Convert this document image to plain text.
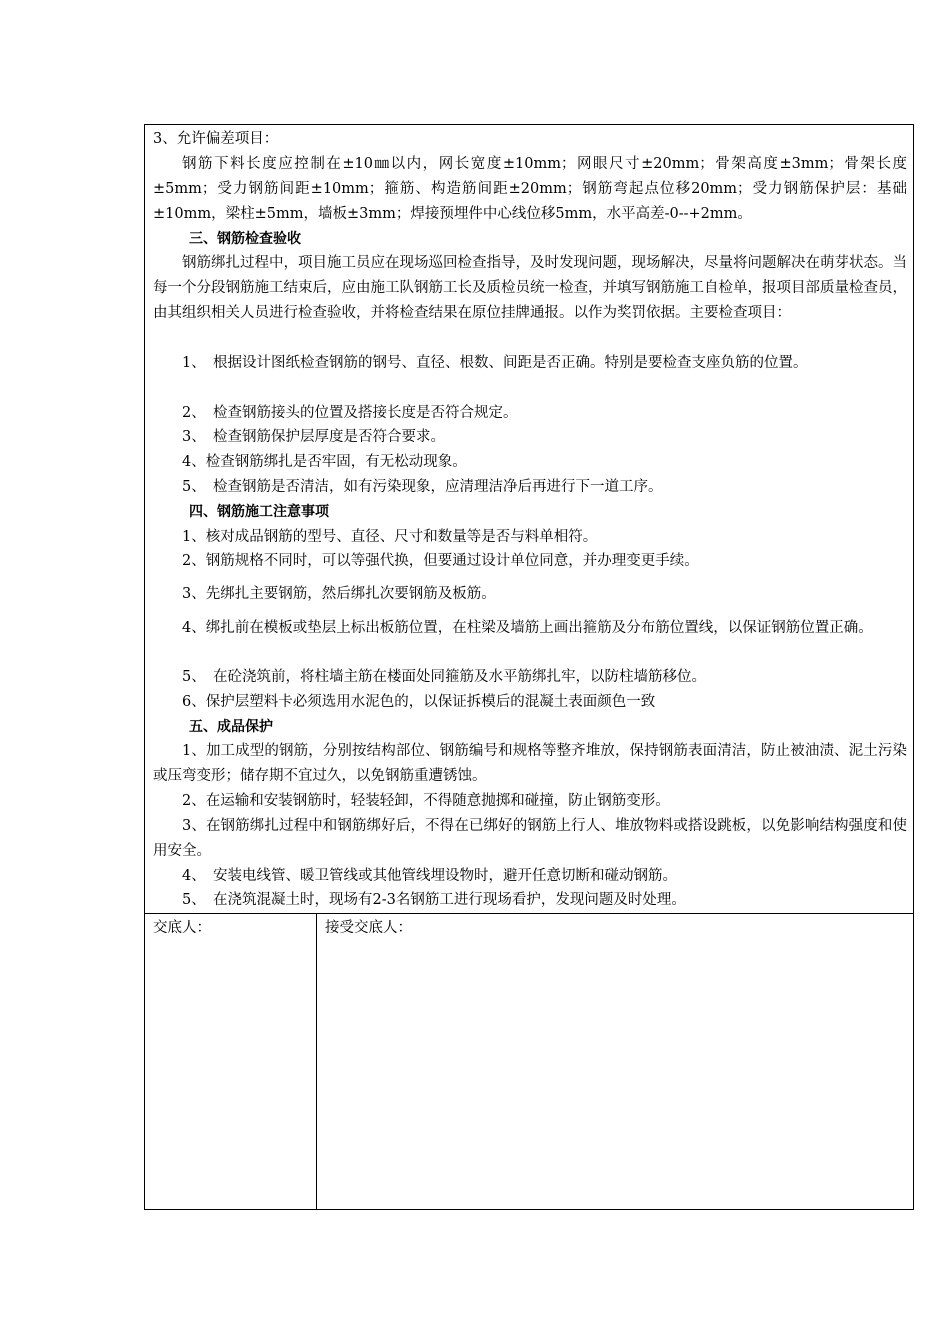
3、允许偏差项目：
钢筋下料长度应控制在±10㎜以内，网长宽度±10mm；网眼尺寸±20mm；骨架高度±3mm；骨架长度±5mm；受力钢筋间距±10mm；箍筋、构造筋间距±20mm；钢筋弯起点位移20mm；受力钢筋保护层：基础±10mm，梁柱±5mm，墙板±3mm；焊接预埋件中心线位移5mm，水平高差-0--+2mm。
三、钢筋检查验收
钢筋绑扎过程中，项目施工员应在现场巡回检查指导，及时发现问题，现场解决，尽量将问题解决在萌芽状态。当每一个分段钢筋施工结束后，应由施工队钢筋工长及质检员统一检查，并填写钢筋施工自检单，报项目部质量检查员，由其组织相关人员进行检查验收，并将检查结果在原位挂牌通报。以作为奖罚依据。主要检查项目：
1、　根据设计图纸检查钢筋的钢号、直径、根数、间距是否正确。特别是要检查支座负筋的位置。
2、　检查钢筋接头的位置及搭接长度是否符合规定。
3、　检查钢筋保护层厚度是否符合要求。
4、检查钢筋绑扎是否牢固，有无松动现象。
5、　检查钢筋是否清洁，如有污染现象，应清理洁净后再进行下一道工序。
四、钢筋施工注意事项
1、核对成品钢筋的型号、直径、尺寸和数量等是否与料单相符。
2、钢筋规格不同时，可以等强代换，但要通过设计单位同意，并办理变更手续。
3、先绑扎主要钢筋，然后绑扎次要钢筋及板筋。
4、绑扎前在模板或垫层上标出板筋位置，在柱梁及墙筋上画出箍筋及分布筋位置线，以保证钢筋位置正确。
5、　在砼浇筑前，将柱墙主筋在楼面处同箍筋及水平筋绑扎牢，以防柱墙筋移位。
6、保护层塑料卡必须选用水泥色的，以保证拆模后的混凝土表面颜色一致
五、成品保护
1、加工成型的钢筋，分别按结构部位、钢筋编号和规格等整齐堆放，保持钢筋表面清洁，防止被油渍、泥土污染或压弯变形；储存期不宜过久，以免钢筋重遭锈蚀。
2、在运输和安装钢筋时，轻装轻卸，不得随意抛掷和碰撞，防止钢筋变形。
3、在钢筋绑扎过程中和钢筋绑好后，不得在已绑好的钢筋上行人、堆放物料或搭设跳板，以免影响结构强度和使用安全。
4、　安装电线管、暖卫管线或其他管线埋设物时，避开任意切断和碰动钢筋。
5、　在浇筑混凝土时，现场有2-3名钢筋工进行现场看护，发现问题及时处理。
交底人：	接受交底人：
